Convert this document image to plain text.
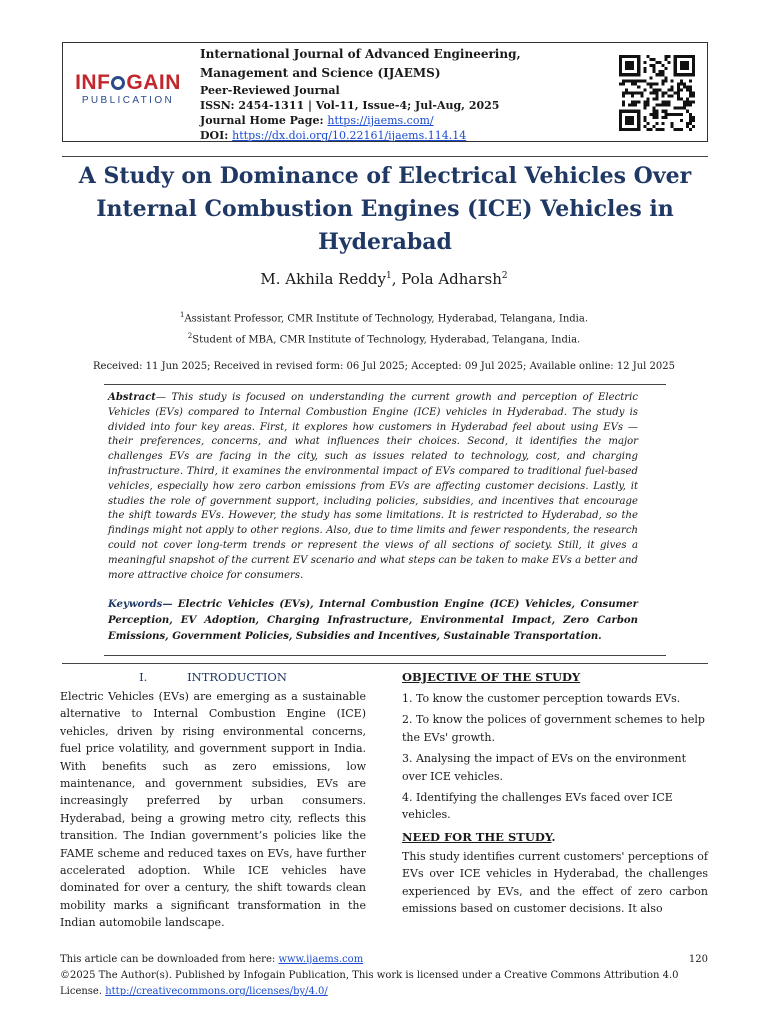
INF GAIN
PUBLICATION
International Journal of Advanced Engineering, Management and Science (IJAEMS)
Peer-Reviewed Journal
ISSN: 2454-1311 | Vol-11, Issue-4; Jul-Aug, 2025
Journal Home Page: https://ijaems.com/
DOI: https://dx.doi.org/10.22161/ijaems.114.14
A Study on Dominance of Electrical Vehicles Over Internal Combustion Engines (ICE) Vehicles in Hyderabad
M. Akhila Reddy$^1$, Pola Adharsh$^2$
$^1$Assistant Professor, CMR Institute of Technology, Hyderabad, Telangana, India.
$^2$Student of MBA, CMR Institute of Technology, Hyderabad, Telangana, India.
Received: 11 Jun 2025; Received in revised form: 06 Jul 2025; Accepted: 09 Jul 2025; Available online: 12 Jul 2025
Abstract— This study is focused on understanding the current growth and perception of Electric Vehicles (EVs) compared to Internal Combustion Engine (ICE) vehicles in Hyderabad. The study is divided into four key areas. First, it explores how customers in Hyderabad feel about using EVs — their preferences, concerns, and what influences their choices. Second, it identifies the major challenges EVs are facing in the city, such as issues related to technology, cost, and charging infrastructure. Third, it examines the environmental impact of EVs compared to traditional fuel-based vehicles, especially how zero carbon emissions from EVs are affecting customer decisions. Lastly, it studies the role of government support, including policies, subsidies, and incentives that encourage the shift towards EVs. However, the study has some limitations. It is restricted to Hyderabad, so the findings might not apply to other regions. Also, due to time limits and fewer respondents, the research could not cover long-term trends or represent the views of all sections of society. Still, it gives a meaningful snapshot of the current EV scenario and what steps can be taken to make EVs a better and more attractive choice for consumers.
Keywords— Electric Vehicles (EVs), Internal Combustion Engine (ICE) Vehicles, Consumer Perception, EV Adoption, Charging Infrastructure, Environmental Impact, Zero Carbon Emissions, Government Policies, Subsidies and Incentives, Sustainable Transportation.
I.	INTRODUCTION
Electric Vehicles (EVs) are emerging as a sustainable alternative to Internal Combustion Engine (ICE) vehicles, driven by rising environmental concerns, fuel price volatility, and government support in India. With benefits such as zero emissions, low maintenance, and government subsidies, EVs are increasingly preferred by urban consumers. Hyderabad, being a growing metro city, reflects this transition. The Indian government’s policies like the FAME scheme and reduced taxes on EVs, have further accelerated adoption. While ICE vehicles have dominated for over a century, the shift towards clean mobility marks a significant transformation in the Indian automobile landscape.
OBJECTIVE OF THE STUDY
1. To know the customer perception towards EVs.
2. To know the polices of government schemes to help the EVs' growth.
3. Analysing the impact of EVs on the environment over ICE vehicles.
4. Identifying the challenges EVs faced over ICE vehicles.
NEED FOR THE STUDY.
This study identifies current customers' perceptions of EVs over ICE vehicles in Hyderabad, the challenges experienced by EVs, and the effect of zero carbon emissions based on customer decisions. It also
This article can be downloaded from here: www.ijaems.com	120
©2025 The Author(s). Published by Infogain Publication, This work is licensed under a Creative Commons Attribution 4.0 License. http://creativecommons.org/licenses/by/4.0/
